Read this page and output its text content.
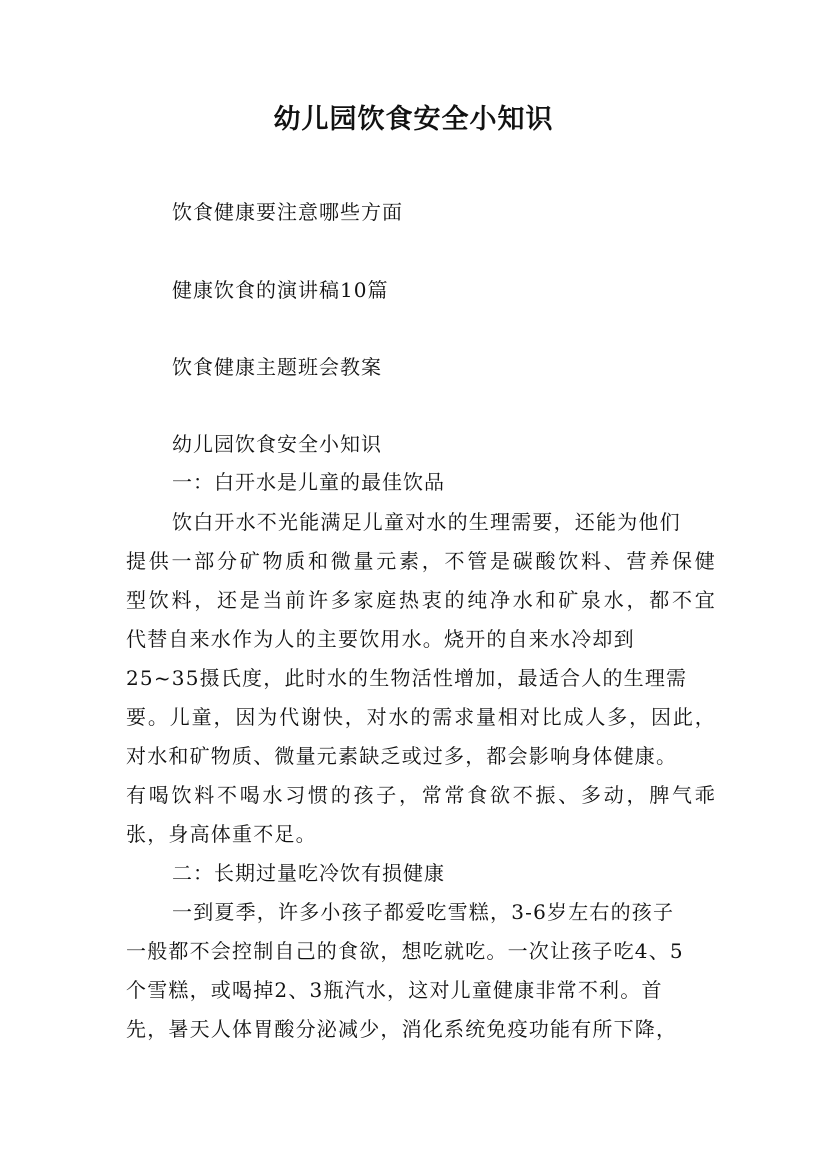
幼儿园饮食安全小知识
饮食健康要注意哪些方面
健康饮食的演讲稿10篇
饮食健康主题班会教案
幼儿园饮食安全小知识
一：白开水是儿童的最佳饮品
饮白开水不光能满足儿童对水的生理需要，还能为他们
提供一部分矿物质和微量元素，不管是碳酸饮料、营养保健
型饮料，还是当前许多家庭热衷的纯净水和矿泉水，都不宜
代替自来水作为人的主要饮用水。烧开的自来水冷却到
25~35摄氏度，此时水的生物活性增加，最适合人的生理需
要。儿童，因为代谢快，对水的需求量相对比成人多，因此，
对水和矿物质、微量元素缺乏或过多，都会影响身体健康。
有喝饮料不喝水习惯的孩子，常常食欲不振、多动，脾气乖
张，身高体重不足。
二：长期过量吃冷饮有损健康
一到夏季，许多小孩子都爱吃雪糕，3-6岁左右的孩子
一般都不会控制自己的食欲，想吃就吃。一次让孩子吃4、5
个雪糕，或喝掉2、3瓶汽水，这对儿童健康非常不利。首
先，暑天人体胃酸分泌减少，消化系统免疫功能有所下降，
